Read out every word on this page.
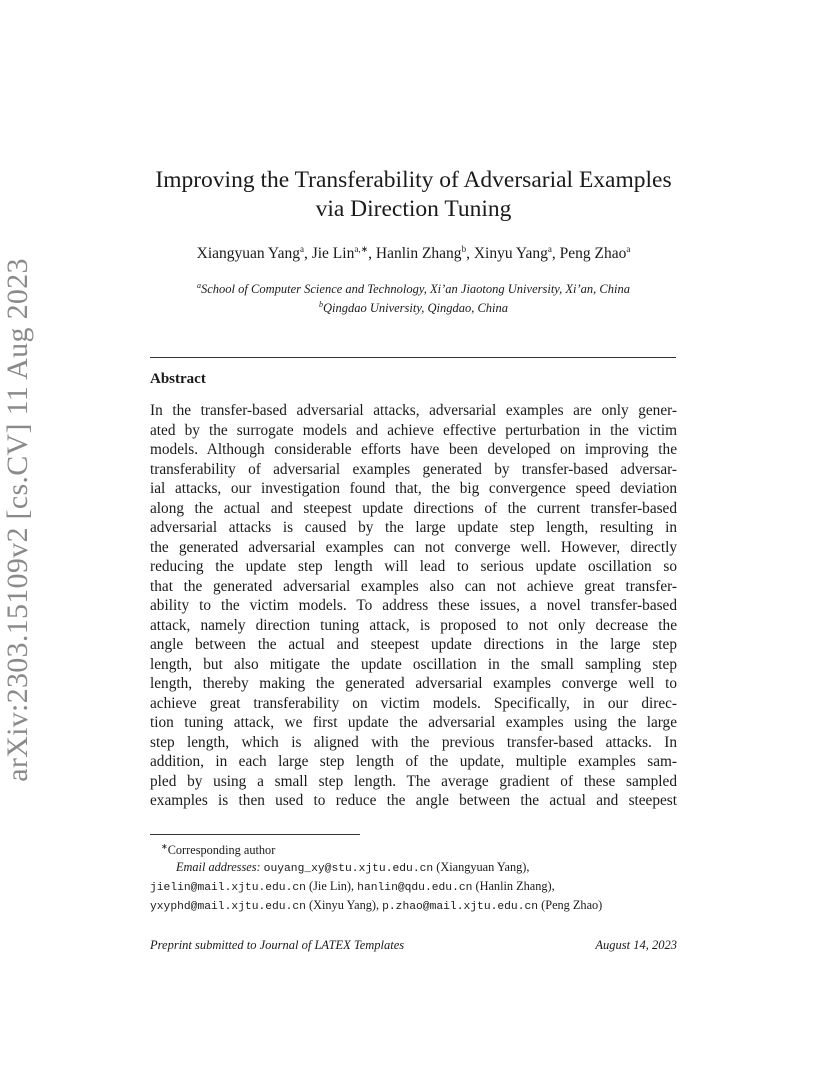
arXiv:2303.15109v2 [cs.CV] 11 Aug 2023
Improving the Transferability of Adversarial Examples
via Direction Tuning
Xiangyuan Yang$^a$, Jie Lin$^{a,∗}$, Hanlin Zhang$^b$, Xinyu Yang$^a$, Peng Zhao$^a$
$^a$School of Computer Science and Technology, Xi’an Jiaotong University, Xi’an, China
$^b$Qingdao University, Qingdao, China
Abstract
In the transfer-based adversarial attacks, adversarial examples are only gener-
ated by the surrogate models and achieve effective perturbation in the victim
models. Although considerable efforts have been developed on improving the
transferability of adversarial examples generated by transfer-based adversar-
ial attacks, our investigation found that, the big convergence speed deviation
along the actual and steepest update directions of the current transfer-based
adversarial attacks is caused by the large update step length, resulting in
the generated adversarial examples can not converge well. However, directly
reducing the update step length will lead to serious update oscillation so
that the generated adversarial examples also can not achieve great transfer-
ability to the victim models. To address these issues, a novel transfer-based
attack, namely direction tuning attack, is proposed to not only decrease the
angle between the actual and steepest update directions in the large step
length, but also mitigate the update oscillation in the small sampling step
length, thereby making the generated adversarial examples converge well to
achieve great transferability on victim models. Specifically, in our direc-
tion tuning attack, we first update the adversarial examples using the large
step length, which is aligned with the previous transfer-based attacks. In
addition, in each large step length of the update, multiple examples sam-
pled by using a small step length. The average gradient of these sampled
examples is then used to reduce the angle between the actual and steepest
∗Corresponding author
Email addresses: ouyang_xy@stu.xjtu.edu.cn (Xiangyuan Yang),
jielin@mail.xjtu.edu.cn (Jie Lin), hanlin@qdu.edu.cn (Hanlin Zhang),
yxyphd@mail.xjtu.edu.cn (Xinyu Yang), p.zhao@mail.xjtu.edu.cn (Peng Zhao)
Preprint submitted to Journal of LATEX Templates	August 14, 2023
